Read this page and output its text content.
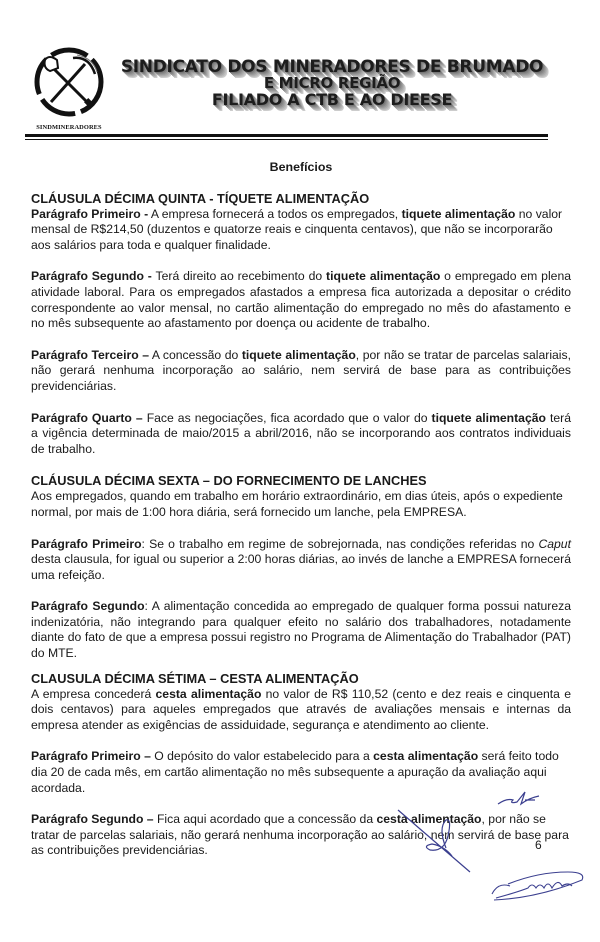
SINDMINERADORES
SINDICATO DOS MINERADORES DE BRUMADO
E MICRO REGIÃO
FILIADO A CTB E AO DIEESE
Benefícios
CLÁUSULA DÉCIMA QUINTA - TÍQUETE ALIMENTAÇÃO

Parágrafo Primeiro - A empresa fornecerá a todos os empregados, tiquete alimentação no valor mensal de R$214,50 (duzentos e quatorze reais e cinquenta centavos), que não se incorporarão aos salários para toda e qualquer finalidade.

Parágrafo Segundo - Terá direito ao recebimento do tiquete alimentação o empregado em plena atividade laboral. Para os empregados afastados a empresa fica autorizada a depositar o crédito correspondente ao valor mensal, no cartão alimentação do empregado no mês do afastamento e no mês subsequente ao afastamento por doença ou acidente de trabalho.

Parágrafo Terceiro – A concessão do tiquete alimentação, por não se tratar de parcelas salariais, não gerará nenhuma incorporação ao salário, nem servirá de base para as contribuições previdenciárias.

Parágrafo Quarto – Face as negociações, fica acordado que o valor do tiquete alimentação terá a vigência determinada de maio/2015 a abril/2016, não se incorporando aos contratos individuais de trabalho.

CLÁUSULA DÉCIMA SEXTA – DO FORNECIMENTO DE LANCHES

Aos empregados, quando em trabalho em horário extraordinário, em dias úteis, após o expediente normal, por mais de 1:00 hora diária, será fornecido um lanche, pela EMPRESA.

Parágrafo Primeiro: Se o trabalho em regime de sobrejornada, nas condições referidas no Caput desta clausula, for igual ou superior a 2:00 horas diárias, ao invés de lanche a EMPRESA fornecerá uma refeição.

Parágrafo Segundo: A alimentação concedida ao empregado de qualquer forma possui natureza indenizatória, não integrando para qualquer efeito no salário dos trabalhadores, notadamente diante do fato de que a empresa possui registro no Programa de Alimentação do Trabalhador (PAT) do MTE.

CLAUSULA DÉCIMA SÉTIMA – CESTA ALIMENTAÇÃO

A empresa concederá cesta alimentação no valor de R$ 110,52 (cento e dez reais e cinquenta e dois centavos) para aqueles empregados que através de avaliações mensais e internas da empresa atender as exigências de assiduidade, segurança e atendimento ao cliente.

Parágrafo Primeiro – O depósito do valor estabelecido para a cesta alimentação será feito todo dia 20 de cada mês, em cartão alimentação no mês subsequente a apuração da avaliação aqui acordada.

Parágrafo Segundo – Fica aqui acordado que a concessão da cesta alimentação, por não se tratar de parcelas salariais, não gerará nenhuma incorporação ao salário, nem servirá de base para as contribuições previdenciárias.	6
